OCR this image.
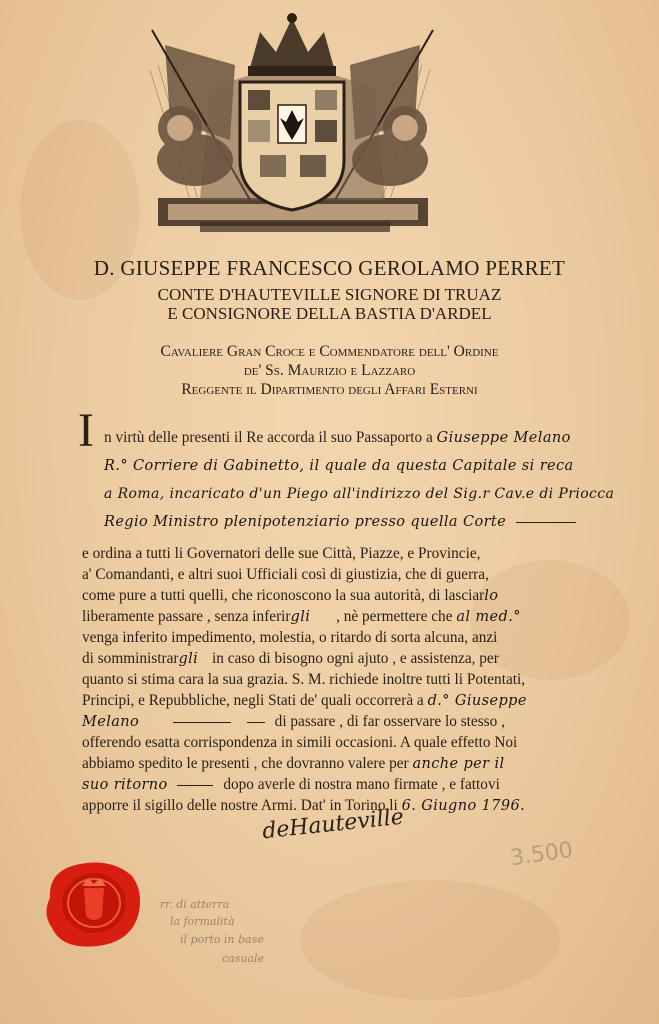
D. GIUSEPPE FRANCESCO GEROLAMO PERRET
CONTE D'HAUTEVILLE SIGNORE DI TRUAZ
E CONSIGNORE DELLA BASTIA D'ARDEL
Cavaliere Gran Croce e Commendatore dell' Ordine
de' Ss. Maurizio e Lazzaro
Reggente il Dipartimento degli Affari Esterni
I n virtù delle presenti il Re accorda il suo Passaporto a Giuseppe Melano
R.° Corriere di Gabinetto, il quale da questa Capitale si reca
a Roma, incaricato d'un Piego all'indirizzo del Sig.r Cav.e di Priocca
Regio Ministro plenipotenziario presso quella Corte
e ordina a tutti li Governatori delle sue Città, Piazze, e Provincie,
a' Comandanti, e altri suoi Ufficiali così di giustizia, che di guerra,
come pure a tutti quelli, che riconoscono la sua autorità, di lasciarlo
liberamente passare , senza inferirgli , nè permettere che al med.°
venga inferito impedimento, molestia, o ritardo di sorta alcuna, anzi
di somministrargli in caso di bisogno ogni ajuto , e assistenza, per
quanto si stima cara la sua grazia. S. M. richiede inoltre tutti li Potentati,
Principi, e Repubbliche, negli Stati de' quali occorrerà a d.° Giuseppe
Melano	di passare , di far osservare lo stesso ,
offerendo esatta corrispondenza in simili occasioni. A quale effetto Noi
abbiamo spedito le presenti , che dovranno valere per anche per il
suo ritorno	dopo averle di nostra mano firmate , e fattovi
apporre il sigillo delle nostre Armi. Dat' in Torino li 6. Giugno 1796.
deHauteville
3.500
rr. di atterra
la formalità
il porto in base
casuale
